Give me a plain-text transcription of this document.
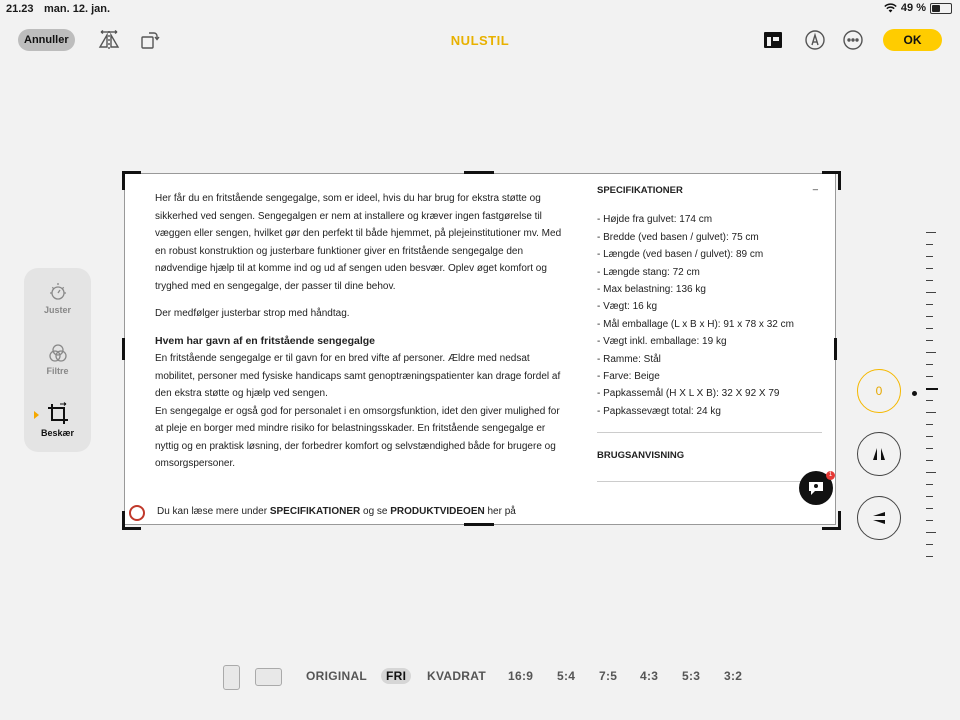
21.23 man. 12. jan.	49 %
Annuller	NULSTIL	OK
Juster
Filtre
Beskær

Her får du en fritstående sengegalge, som er ideel, hvis du har brug for ekstra støtte og sikkerhed ved sengen. Sengegalgen er nem at installere og kræver ingen fastgørelse til væggen eller sengen, hvilket gør den perfekt til både hjemmet, på plejeinstitutioner mv. Med en robust konstruktion og justerbare funktioner giver en fritstående sengegalge den nødvendige hjælp til at komme ind og ud af sengen uden besvær. Oplev øget komfort og tryghed med en sengegalge, der passer til dine behov.

Der medfølger justerbar strop med håndtag.

Hvem har gavn af en fritstående sengegalge

En fritstående sengegalge er til gavn for en bred vifte af personer. Ældre med nedsat mobilitet, personer med fysiske handicaps samt genoptræningspatienter kan drage fordel af den ekstra støtte og hjælp ved sengen.

En sengegalge er også god for personalet i en omsorgsfunktion, idet den giver mulighed for at pleje en borger med mindre risiko for belastningsskader. En fritstående sengegalge er nyttig og en praktisk løsning, der forbedrer komfort og selvstændighed både for brugere og omsorgspersoner.

Du kan læse mere under SPECIFIKATIONER og se PRODUKTVIDEOEN her på
SPECIFIKATIONER	–
- Højde fra gulvet: 174 cm
- Bredde (ved basen / gulvet): 75 cm
- Længde (ved basen / gulvet): 89 cm
- Længde stang: 72 cm
- Max belastning: 136 kg
- Vægt: 16 kg
- Mål emballage (L x B x H): 91 x 78 x 32 cm
- Vægt inkl. emballage: 19 kg
- Ramme: Stål
- Farve: Beige
- Papkassemål (H X L X B): 32 X 92 X 79
- Papkassevægt total: 24 kg
BRUGSANVISNING
1
0
ORIGINAL	FRI	KVADRAT 16:9 5:4 7:5 4:3 5:3 3:2
